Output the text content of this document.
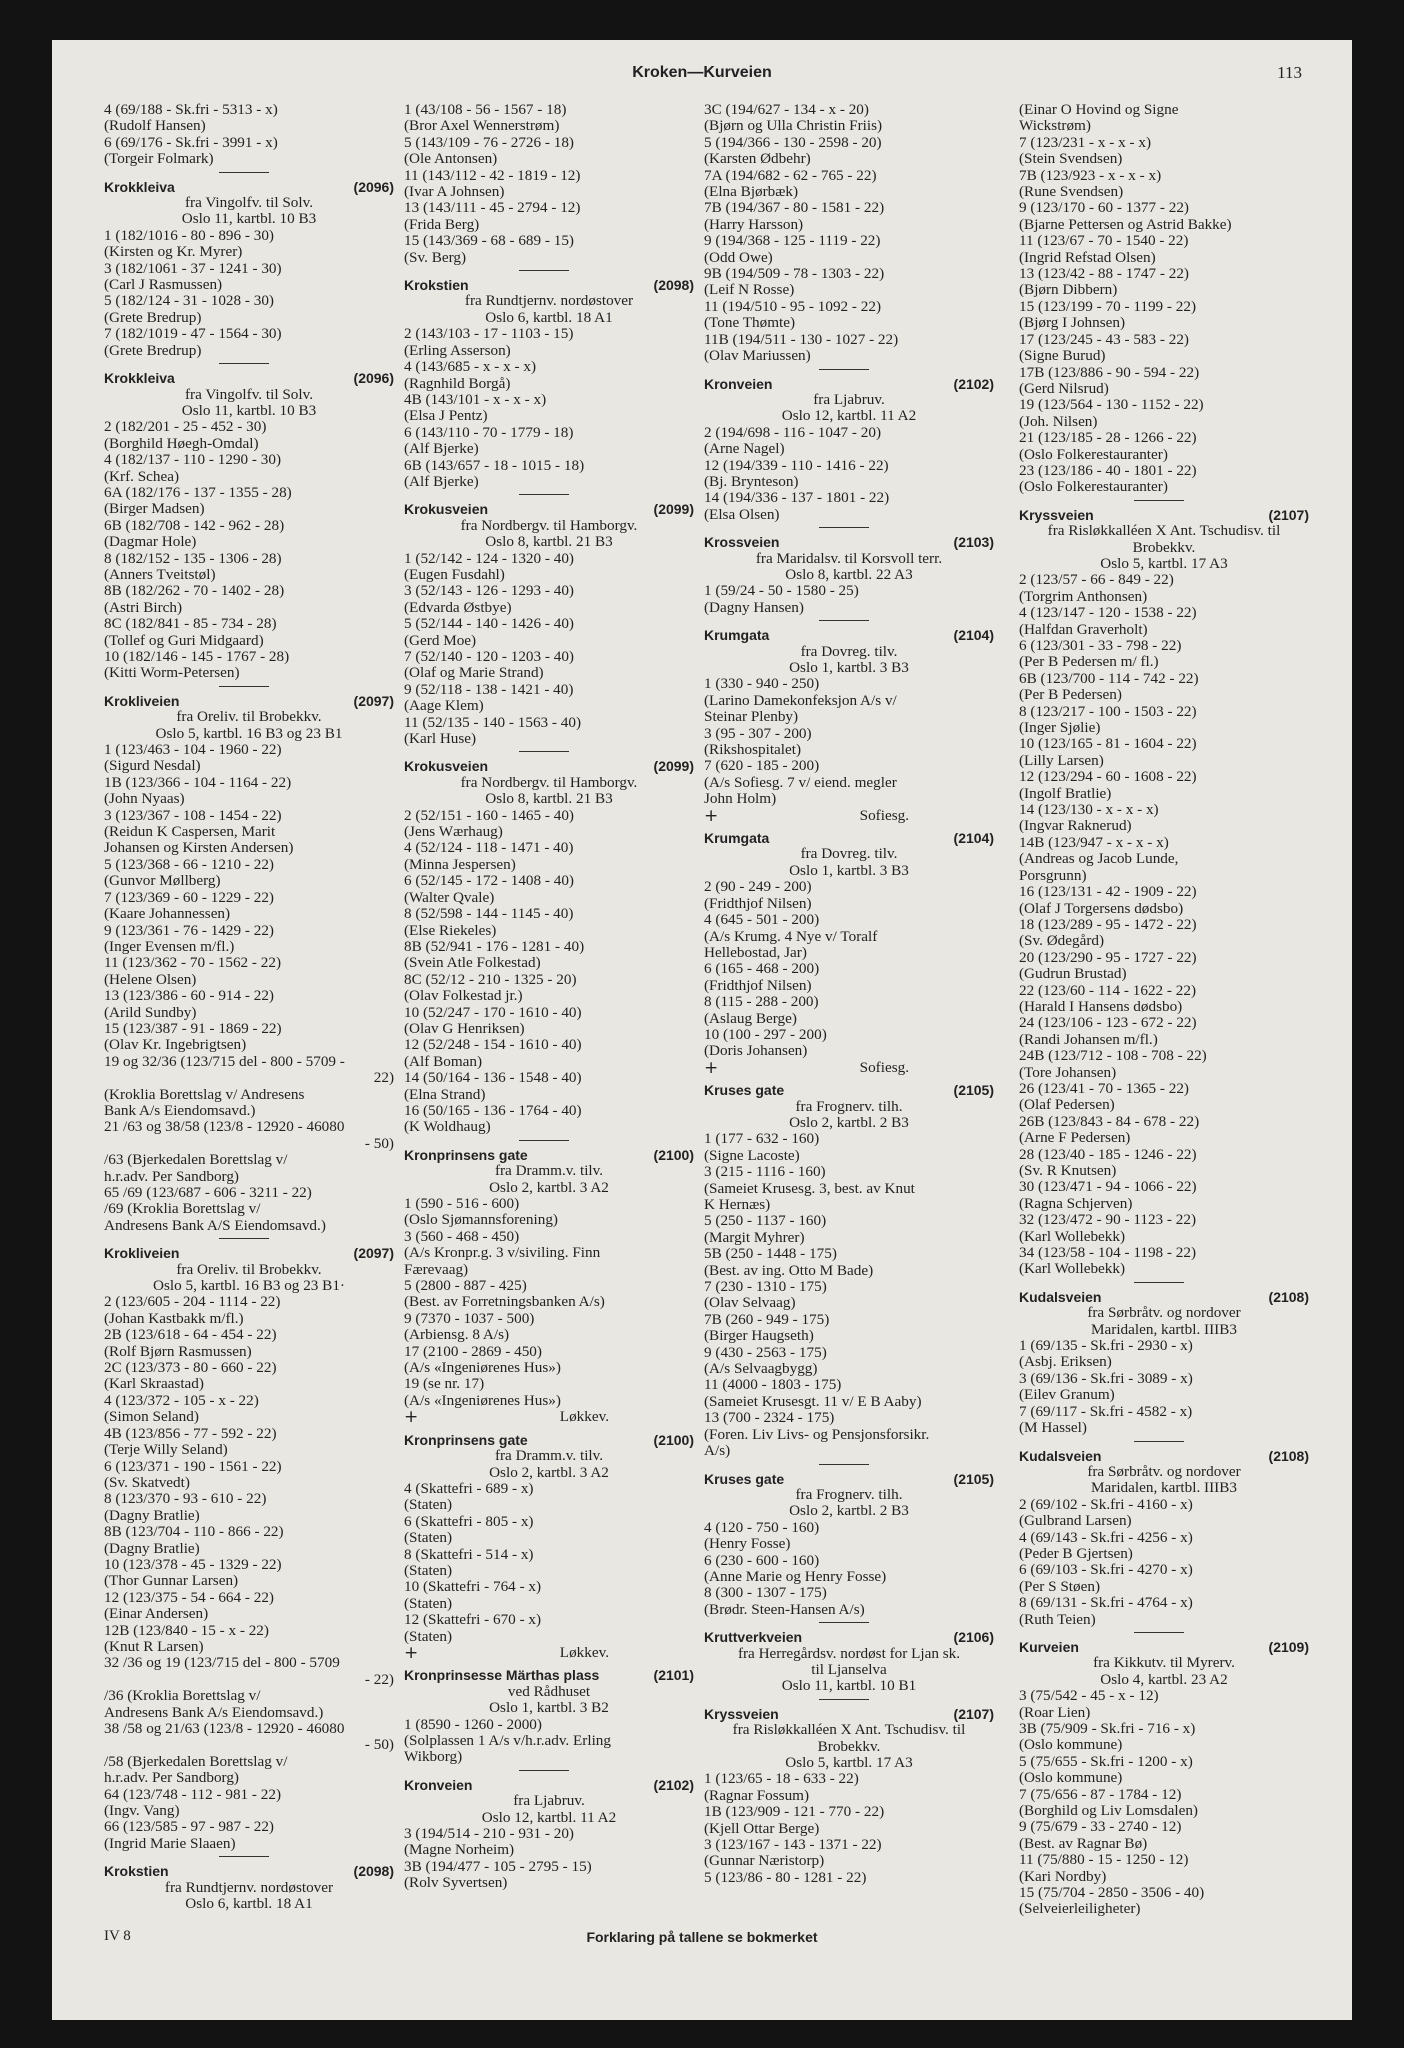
Kroken—Kurveien	113
4 (69/188 - Sk.fri - 5313 - x)
(Rudolf Hansen)
6 (69/176 - Sk.fri - 3991 - x)
(Torgeir Folmark)
Krokkleiva	(2096)
fra Vingolfv. til Solv.
Oslo 11, kartbl. 10 B3
1 (182/1016 - 80 - 896 - 30)
(Kirsten og Kr. Myrer)
3 (182/1061 - 37 - 1241 - 30)
(Carl J Rasmussen)
5 (182/124 - 31 - 1028 - 30)
(Grete Bredrup)
7 (182/1019 - 47 - 1564 - 30)
(Grete Bredrup)
Krokkleiva	(2096)
fra Vingolfv. til Solv.
Oslo 11, kartbl. 10 B3
2 (182/201 - 25 - 452 - 30)
(Borghild Høegh-Omdal)
4 (182/137 - 110 - 1290 - 30)
(Krf. Schea)
6A (182/176 - 137 - 1355 - 28)
(Birger Madsen)
6B (182/708 - 142 - 962 - 28)
(Dagmar Hole)
8 (182/152 - 135 - 1306 - 28)
(Anners Tveitstøl)
8B (182/262 - 70 - 1402 - 28)
(Astri Birch)
8C (182/841 - 85 - 734 - 28)
(Tollef og Guri Midgaard)
10 (182/146 - 145 - 1767 - 28)
(Kitti Worm-Petersen)
Krokliveien	(2097)
fra Oreliv. til Brobekkv.
Oslo 5, kartbl. 16 B3 og 23 B1
1 (123/463 - 104 - 1960 - 22)
(Sigurd Nesdal)
1B (123/366 - 104 - 1164 - 22)
(John Nyaas)
3 (123/367 - 108 - 1454 - 22)
(Reidun K Caspersen, Marit
Johansen og Kirsten Andersen)
5 (123/368 - 66 - 1210 - 22)
(Gunvor Møllberg)
7 (123/369 - 60 - 1229 - 22)
(Kaare Johannessen)
9 (123/361 - 76 - 1429 - 22)
(Inger Evensen m/fl.)
11 (123/362 - 70 - 1562 - 22)
(Helene Olsen)
13 (123/386 - 60 - 914 - 22)
(Arild Sundby)
15 (123/387 - 91 - 1869 - 22)
(Olav Kr. Ingebrigtsen)
19 og 32/36 (123/715 del - 800 - 5709 -
22)
(Kroklia Borettslag v/ Andresens
Bank A/s Eiendomsavd.)
21 /63 og 38/58 (123/8 - 12920 - 46080
- 50)
/63 (Bjerkedalen Borettslag v/
h.r.adv. Per Sandborg)
65 /69 (123/687 - 606 - 3211 - 22)
/69 (Kroklia Borettslag v/
Andresens Bank A/S Eiendomsavd.)
Krokliveien	(2097)
fra Oreliv. til Brobekkv.
Oslo 5, kartbl. 16 B3 og 23 B1·
2 (123/605 - 204 - 1114 - 22)
(Johan Kastbakk m/fl.)
2B (123/618 - 64 - 454 - 22)
(Rolf Bjørn Rasmussen)
2C (123/373 - 80 - 660 - 22)
(Karl Skraastad)
4 (123/372 - 105 - x - 22)
(Simon Seland)
4B (123/856 - 77 - 592 - 22)
(Terje Willy Seland)
6 (123/371 - 190 - 1561 - 22)
(Sv. Skatvedt)
8 (123/370 - 93 - 610 - 22)
(Dagny Bratlie)
8B (123/704 - 110 - 866 - 22)
(Dagny Bratlie)
10 (123/378 - 45 - 1329 - 22)
(Thor Gunnar Larsen)
12 (123/375 - 54 - 664 - 22)
(Einar Andersen)
12B (123/840 - 15 - x - 22)
(Knut R Larsen)
32 /36 og 19 (123/715 del - 800 - 5709
- 22)
/36 (Kroklia Borettslag v/
Andresens Bank A/s Eiendomsavd.)
38 /58 og 21/63 (123/8 - 12920 - 46080
- 50)
/58 (Bjerkedalen Borettslag v/
h.r.adv. Per Sandborg)
64 (123/748 - 112 - 981 - 22)
(Ingv. Vang)
66 (123/585 - 97 - 987 - 22)
(Ingrid Marie Slaaen)
Krokstien	(2098)
fra Rundtjernv. nordøstover
Oslo 6, kartbl. 18 A1
1 (43/108 - 56 - 1567 - 18)
(Bror Axel Wennerstrøm)
5 (143/109 - 76 - 2726 - 18)
(Ole Antonsen)
11 (143/112 - 42 - 1819 - 12)
(Ivar A Johnsen)
13 (143/111 - 45 - 2794 - 12)
(Frida Berg)
15 (143/369 - 68 - 689 - 15)
(Sv. Berg)
Krokstien	(2098)
fra Rundtjernv. nordøstover
Oslo 6, kartbl. 18 A1
2 (143/103 - 17 - 1103 - 15)
(Erling Asserson)
4 (143/685 - x - x - x)
(Ragnhild Borgå)
4B (143/101 - x - x - x)
(Elsa J Pentz)
6 (143/110 - 70 - 1779 - 18)
(Alf Bjerke)
6B (143/657 - 18 - 1015 - 18)
(Alf Bjerke)
Krokusveien	(2099)
fra Nordbergv. til Hamborgv.
Oslo 8, kartbl. 21 B3
1 (52/142 - 124 - 1320 - 40)
(Eugen Fusdahl)
3 (52/143 - 126 - 1293 - 40)
(Edvarda Østbye)
5 (52/144 - 140 - 1426 - 40)
(Gerd Moe)
7 (52/140 - 120 - 1203 - 40)
(Olaf og Marie Strand)
9 (52/118 - 138 - 1421 - 40)
(Aage Klem)
11 (52/135 - 140 - 1563 - 40)
(Karl Huse)
Krokusveien	(2099)
fra Nordbergv. til Hamborgv.
Oslo 8, kartbl. 21 B3
2 (52/151 - 160 - 1465 - 40)
(Jens Wærhaug)
4 (52/124 - 118 - 1471 - 40)
(Minna Jespersen)
6 (52/145 - 172 - 1408 - 40)
(Walter Qvale)
8 (52/598 - 144 - 1145 - 40)
(Else Riekeles)
8B (52/941 - 176 - 1281 - 40)
(Svein Atle Folkestad)
8C (52/12 - 210 - 1325 - 20)
(Olav Folkestad jr.)
10 (52/247 - 170 - 1610 - 40)
(Olav G Henriksen)
12 (52/248 - 154 - 1610 - 40)
(Alf Boman)
14 (50/164 - 136 - 1548 - 40)
(Elna Strand)
16 (50/165 - 136 - 1764 - 40)
(K Woldhaug)
Kronprinsens gate	(2100)
fra Dramm.v. tilv.
Oslo 2, kartbl. 3 A2
1 (590 - 516 - 600)
(Oslo Sjømannsforening)
3 (560 - 468 - 450)
(A/s Kronpr.g. 3 v/siviling. Finn
Færevaag)
5 (2800 - 887 - 425)
(Best. av Forretningsbanken A/s)
9 (7370 - 1037 - 500)
(Arbiensg. 8 A/s)
17 (2100 - 2869 - 450)
(A/s «Ingeniørenes Hus»)
19 (se nr. 17)
(A/s «Ingeniørenes Hus»)
+	Løkkev.
Kronprinsens gate	(2100)
fra Dramm.v. tilv.
Oslo 2, kartbl. 3 A2
4 (Skattefri - 689 - x)
(Staten)
6 (Skattefri - 805 - x)
(Staten)
8 (Skattefri - 514 - x)
(Staten)
10 (Skattefri - 764 - x)
(Staten)
12 (Skattefri - 670 - x)
(Staten)
+	Løkkev.
Kronprinsesse Märthas plass	(2101)
ved Rådhuset
Oslo 1, kartbl. 3 B2
1 (8590 - 1260 - 2000)
(Solplassen 1 A/s v/h.r.adv. Erling
Wikborg)
Kronveien	(2102)
fra Ljabruv.
Oslo 12, kartbl. 11 A2
3 (194/514 - 210 - 931 - 20)
(Magne Norheim)
3B (194/477 - 105 - 2795 - 15)
(Rolv Syvertsen)
3C (194/627 - 134 - x - 20)
(Bjørn og Ulla Christin Friis)
5 (194/366 - 130 - 2598 - 20)
(Karsten Ødbehr)
7A (194/682 - 62 - 765 - 22)
(Elna Bjørbæk)
7B (194/367 - 80 - 1581 - 22)
(Harry Harsson)
9 (194/368 - 125 - 1119 - 22)
(Odd Owe)
9B (194/509 - 78 - 1303 - 22)
(Leif N Rosse)
11 (194/510 - 95 - 1092 - 22)
(Tone Thømte)
11B (194/511 - 130 - 1027 - 22)
(Olav Mariussen)
Kronveien	(2102)
fra Ljabruv.
Oslo 12, kartbl. 11 A2
2 (194/698 - 116 - 1047 - 20)
(Arne Nagel)
12 (194/339 - 110 - 1416 - 22)
(Bj. Brynteson)
14 (194/336 - 137 - 1801 - 22)
(Elsa Olsen)
Krossveien	(2103)
fra Maridalsv. til Korsvoll terr.
Oslo 8, kartbl. 22 A3
1 (59/24 - 50 - 1580 - 25)
(Dagny Hansen)
Krumgata	(2104)
fra Dovreg. tilv.
Oslo 1, kartbl. 3 B3
1 (330 - 940 - 250)
(Larino Damekonfeksjon A/s v/
Steinar Plenby)
3 (95 - 307 - 200)
(Rikshospitalet)
7 (620 - 185 - 200)
(A/s Sofiesg. 7 v/ eiend. megler
John Holm)
+	Sofiesg.
Krumgata	(2104)
fra Dovreg. tilv.
Oslo 1, kartbl. 3 B3
2 (90 - 249 - 200)
(Fridthjof Nilsen)
4 (645 - 501 - 200)
(A/s Krumg. 4 Nye v/ Toralf
Hellebostad, Jar)
6 (165 - 468 - 200)
(Fridthjof Nilsen)
8 (115 - 288 - 200)
(Aslaug Berge)
10 (100 - 297 - 200)
(Doris Johansen)
+	Sofiesg.
Kruses gate	(2105)
fra Frognerv. tilh.
Oslo 2, kartbl. 2 B3
1 (177 - 632 - 160)
(Signe Lacoste)
3 (215 - 1116 - 160)
(Sameiet Krusesg. 3, best. av Knut
K Hernæs)
5 (250 - 1137 - 160)
(Margit Myhrer)
5B (250 - 1448 - 175)
(Best. av ing. Otto M Bade)
7 (230 - 1310 - 175)
(Olav Selvaag)
7B (260 - 949 - 175)
(Birger Haugseth)
9 (430 - 2563 - 175)
(A/s Selvaagbygg)
11 (4000 - 1803 - 175)
(Sameiet Krusesgt. 11 v/ E B Aaby)
13 (700 - 2324 - 175)
(Foren. Liv Livs- og Pensjonsforsikr.
A/s)
Kruses gate	(2105)
fra Frognerv. tilh.
Oslo 2, kartbl. 2 B3
4 (120 - 750 - 160)
(Henry Fosse)
6 (230 - 600 - 160)
(Anne Marie og Henry Fosse)
8 (300 - 1307 - 175)
(Brødr. Steen-Hansen A/s)
Kruttverkveien	(2106)
fra Herregårdsv. nordøst for Ljan sk.
til Ljanselva
Oslo 11, kartbl. 10 B1
Kryssveien	(2107)
fra Risløkkalléen X Ant. Tschudisv. til
Brobekkv.
Oslo 5, kartbl. 17 A3
1 (123/65 - 18 - 633 - 22)
(Ragnar Fossum)
1B (123/909 - 121 - 770 - 22)
(Kjell Ottar Berge)
3 (123/167 - 143 - 1371 - 22)
(Gunnar Næristorp)
5 (123/86 - 80 - 1281 - 22)
(Einar O Hovind og Signe
Wickstrøm)
7 (123/231 - x - x - x)
(Stein Svendsen)
7B (123/923 - x - x - x)
(Rune Svendsen)
9 (123/170 - 60 - 1377 - 22)
(Bjarne Pettersen og Astrid Bakke)
11 (123/67 - 70 - 1540 - 22)
(Ingrid Refstad Olsen)
13 (123/42 - 88 - 1747 - 22)
(Bjørn Dibbern)
15 (123/199 - 70 - 1199 - 22)
(Bjørg I Johnsen)
17 (123/245 - 43 - 583 - 22)
(Signe Burud)
17B (123/886 - 90 - 594 - 22)
(Gerd Nilsrud)
19 (123/564 - 130 - 1152 - 22)
(Joh. Nilsen)
21 (123/185 - 28 - 1266 - 22)
(Oslo Folkerestauranter)
23 (123/186 - 40 - 1801 - 22)
(Oslo Folkerestauranter)
Kryssveien	(2107)
fra Risløkkalléen X Ant. Tschudisv. til
Brobekkv.
Oslo 5, kartbl. 17 A3
2 (123/57 - 66 - 849 - 22)
(Torgrim Anthonsen)
4 (123/147 - 120 - 1538 - 22)
(Halfdan Graverholt)
6 (123/301 - 33 - 798 - 22)
(Per B Pedersen m/ fl.)
6B (123/700 - 114 - 742 - 22)
(Per B Pedersen)
8 (123/217 - 100 - 1503 - 22)
(Inger Sjølie)
10 (123/165 - 81 - 1604 - 22)
(Lilly Larsen)
12 (123/294 - 60 - 1608 - 22)
(Ingolf Bratlie)
14 (123/130 - x - x - x)
(Ingvar Raknerud)
14B (123/947 - x - x - x)
(Andreas og Jacob Lunde,
Porsgrunn)
16 (123/131 - 42 - 1909 - 22)
(Olaf J Torgersens dødsbo)
18 (123/289 - 95 - 1472 - 22)
(Sv. Ødegård)
20 (123/290 - 95 - 1727 - 22)
(Gudrun Brustad)
22 (123/60 - 114 - 1622 - 22)
(Harald I Hansens dødsbo)
24 (123/106 - 123 - 672 - 22)
(Randi Johansen m/fl.)
24B (123/712 - 108 - 708 - 22)
(Tore Johansen)
26 (123/41 - 70 - 1365 - 22)
(Olaf Pedersen)
26B (123/843 - 84 - 678 - 22)
(Arne F Pedersen)
28 (123/40 - 185 - 1246 - 22)
(Sv. R Knutsen)
30 (123/471 - 94 - 1066 - 22)
(Ragna Schjerven)
32 (123/472 - 90 - 1123 - 22)
(Karl Wollebekk)
34 (123/58 - 104 - 1198 - 22)
(Karl Wollebekk)
Kudalsveien	(2108)
fra Sørbråtv. og nordover
Maridalen, kartbl. IIIB3
1 (69/135 - Sk.fri - 2930 - x)
(Asbj. Eriksen)
3 (69/136 - Sk.fri - 3089 - x)
(Eilev Granum)
7 (69/117 - Sk.fri - 4582 - x)
(M Hassel)
Kudalsveien	(2108)
fra Sørbråtv. og nordover
Maridalen, kartbl. IIIB3
2 (69/102 - Sk.fri - 4160 - x)
(Gulbrand Larsen)
4 (69/143 - Sk.fri - 4256 - x)
(Peder B Gjertsen)
6 (69/103 - Sk.fri - 4270 - x)
(Per S Støen)
8 (69/131 - Sk.fri - 4764 - x)
(Ruth Teien)
Kurveien	(2109)
fra Kikkutv. til Myrerv.
Oslo 4, kartbl. 23 A2
3 (75/542 - 45 - x - 12)
(Roar Lien)
3B (75/909 - Sk.fri - 716 - x)
(Oslo kommune)
5 (75/655 - Sk.fri - 1200 - x)
(Oslo kommune)
7 (75/656 - 87 - 1784 - 12)
(Borghild og Liv Lomsdalen)
9 (75/679 - 33 - 2740 - 12)
(Best. av Ragnar Bø)
11 (75/880 - 15 - 1250 - 12)
(Kari Nordby)
15 (75/704 - 2850 - 3506 - 40)
(Selveierleiligheter)
IV 8	Forklaring på tallene se bokmerket
